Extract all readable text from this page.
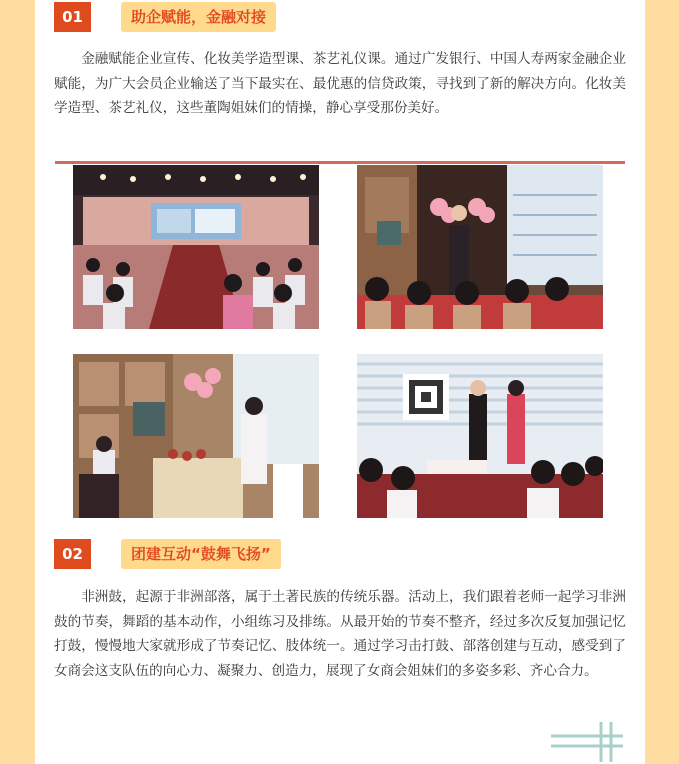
01	助企赋能，金融对接

金融赋能企业宣传、化妆美学造型课、茶艺礼仪课。通过广发银行、中国人寿两家金融企业赋能，为广大会员企业输送了当下最实在、最优惠的信贷政策，寻找到了新的解决方向。化妆美学造型、茶艺礼仪，这些董陶姐妹们的情操，静心享受那份美好。

02	团建互动“鼓舞飞扬”

非洲鼓，起源于非洲部落，属于土著民族的传统乐器。活动上，我们跟着老师一起学习非洲鼓的节奏，舞蹈的基本动作，小组练习及排练。从最开始的节奏不整齐，经过多次反复加强记忆打鼓，慢慢地大家就形成了节奏记忆、肢体统一。通过学习击打鼓、部落创建与互动，感受到了女商会这支队伍的向心力、凝聚力、创造力，展现了女商会姐妹们的多姿多彩、齐心合力。
